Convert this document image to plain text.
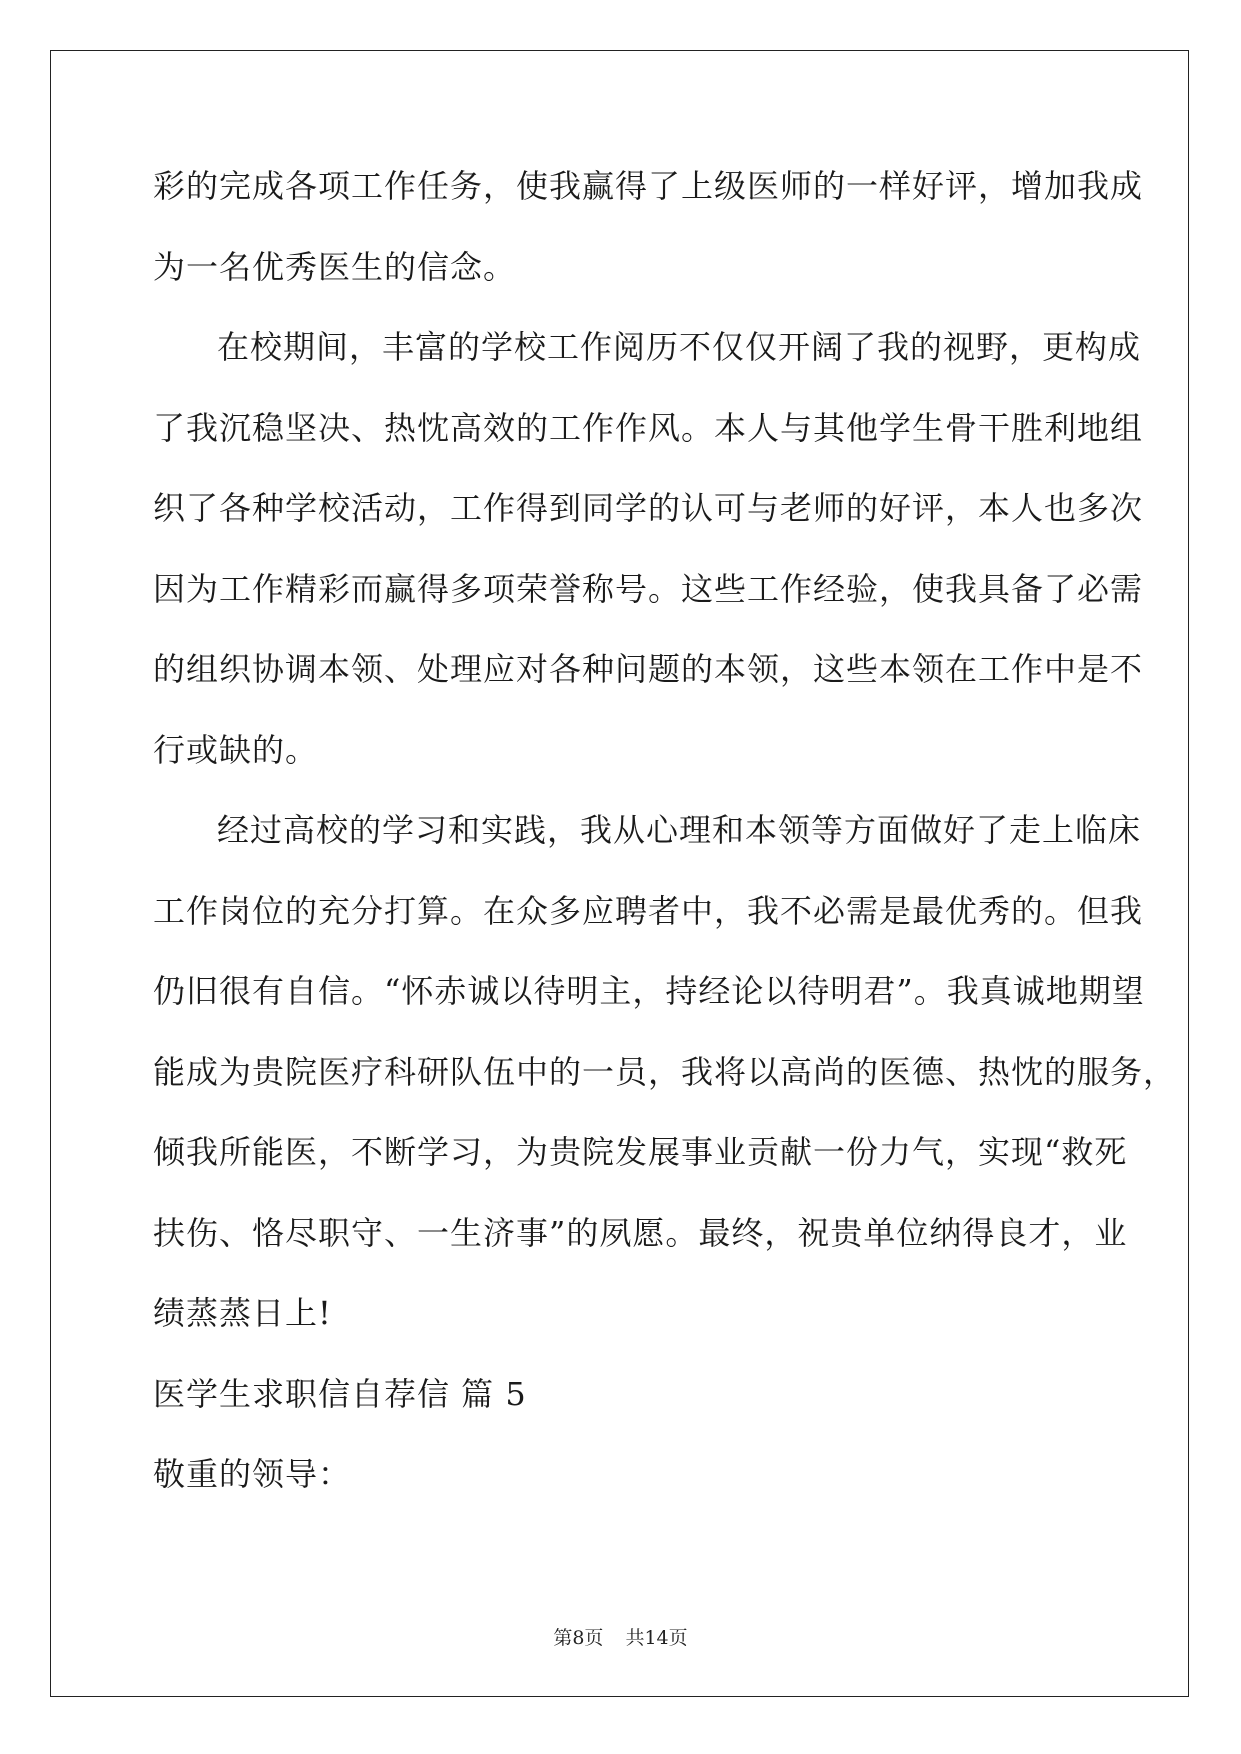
彩的完成各项工作任务，使我赢得了上级医师的一样好评，增加我成
为一名优秀医生的信念。
在校期间，丰富的学校工作阅历不仅仅开阔了我的视野，更构成
了我沉稳坚决、热忱高效的工作作风。本人与其他学生骨干胜利地组
织了各种学校活动，工作得到同学的认可与老师的好评，本人也多次
因为工作精彩而赢得多项荣誉称号。这些工作经验，使我具备了必需
的组织协调本领、处理应对各种问题的本领，这些本领在工作中是不
行或缺的。
经过高校的学习和实践，我从心理和本领等方面做好了走上临床
工作岗位的充分打算。在众多应聘者中，我不必需是最优秀的。但我
仍旧很有自信。“怀赤诚以待明主，持经论以待明君”。我真诚地期望
能成为贵院医疗科研队伍中的一员，我将以高尚的医德、热忱的服务，
倾我所能医，不断学习，为贵院发展事业贡献一份力气，实现“救死
扶伤、恪尽职守、一生济事”的夙愿。最终，祝贵单位纳得良才，业
绩蒸蒸日上!
医学生求职信自荐信 篇 5
敬重的领导：
第8页 共14页
